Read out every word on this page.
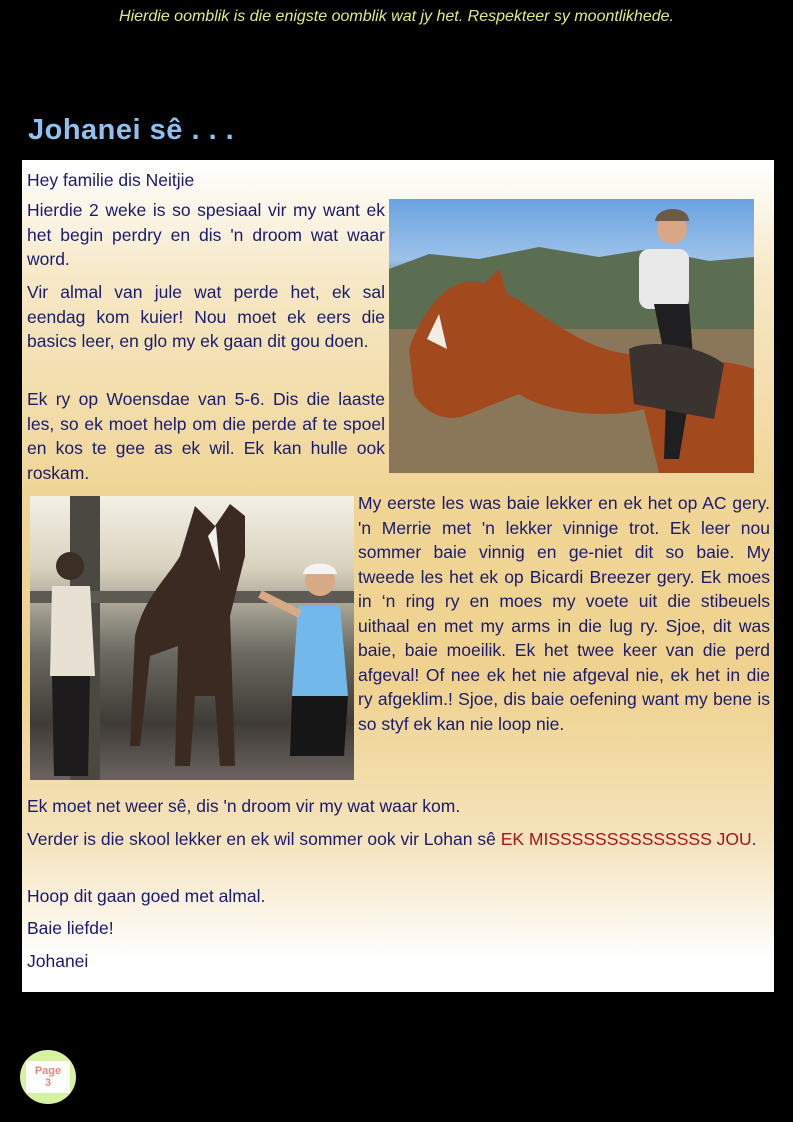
Hierdie oomblik is die enigste oomblik wat jy het. Respekteer sy moontlikhede.
Johanei sê . . .

Hey familie dis Neitjie

Hierdie 2 weke is so spesiaal vir my want ek het begin perdry en dis 'n droom wat waar word.

Vir almal van jule wat perde het, ek sal eendag kom kuier! Nou moet ek eers die basics leer, en glo my ek gaan dit gou doen.

Ek ry op Woensdae van 5-6. Dis die laaste les, so ek moet help om die perde af te spoel en kos te gee as ek wil. Ek kan hulle ook roskam.

My eerste les was baie lekker en ek het op AC gery. 'n Merrie met 'n lekker vinnige trot. Ek leer nou sommer baie vinnig en ge-niet dit so baie. My tweede les het ek op Bicardi Breezer gery. Ek moes in ‘n ring ry en moes my voete uit die stibeuels uithaal en met my arms in die lug ry. Sjoe, dit was baie, baie moeilik. Ek het twee keer van die perd afgeval! Of nee ek het nie afgeval nie, ek het in die ry afgeklim.! Sjoe, dis baie oefening want my bene is so styf ek kan nie loop nie.

Ek moet net weer sê, dis 'n droom vir my wat waar kom.

Verder is die skool lekker en ek wil sommer ook vir Lohan sê EK MISSSSSSSSSSSSSS JOU.

Hoop dit gaan goed met almal.

Baie liefde!

Johanei

Page
3
